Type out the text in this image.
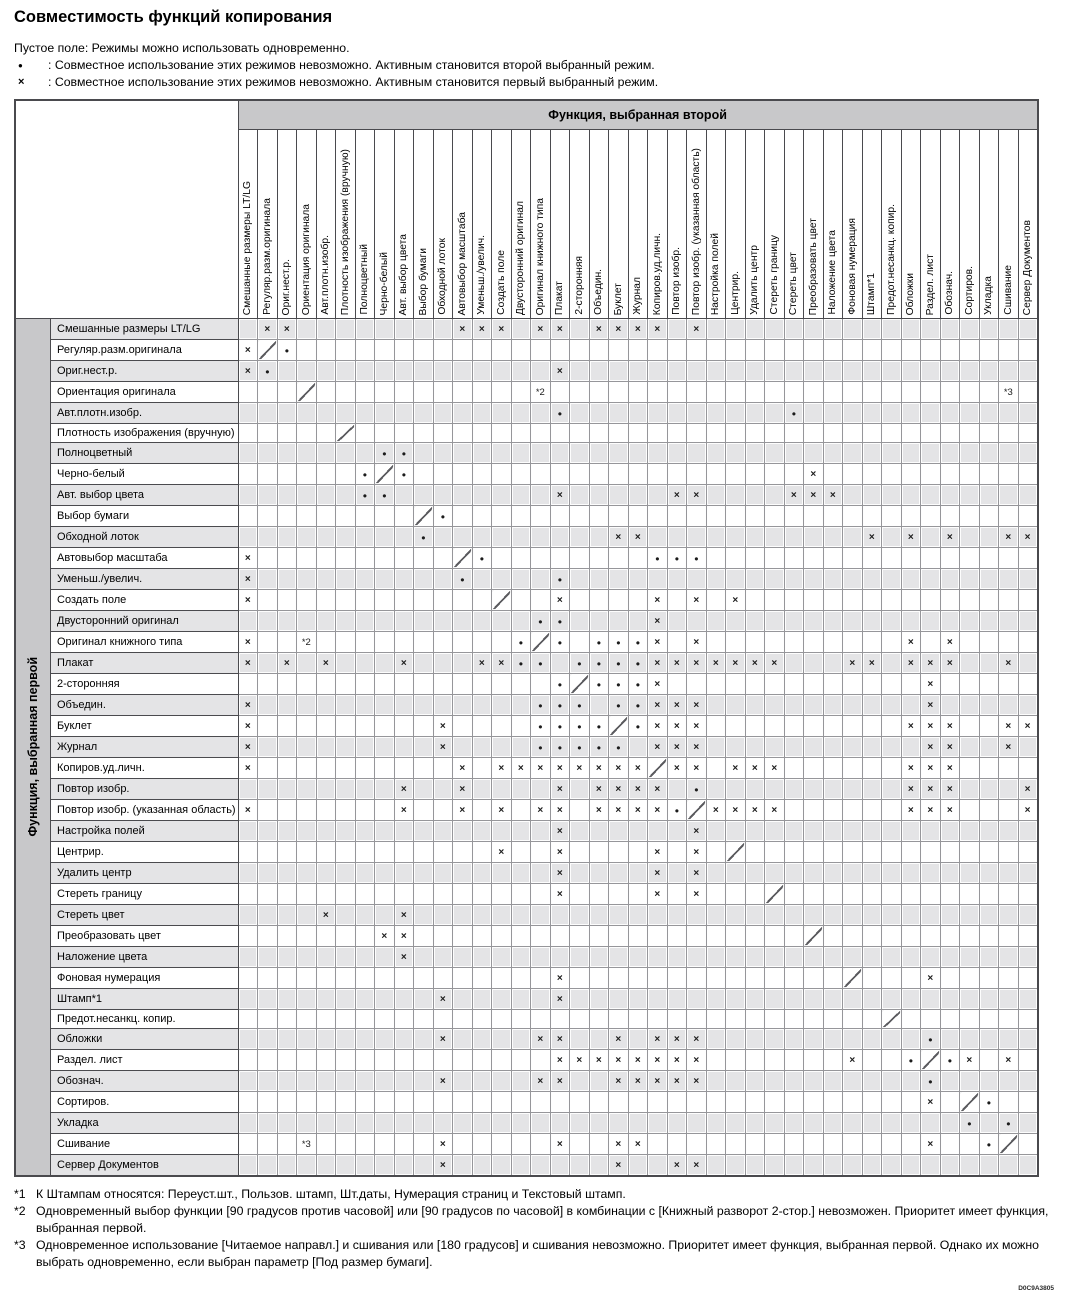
Совместимость функций копирования
Пустое поле: Режимы можно использовать одновременно.
●	: Совместное использование этих режимов невозможно. Активным становится второй выбранный режим.
×	: Совместное использование этих режимов невозможно. Активным становится первый выбранный режим.
		Функция, выбранная второй																																								

		Смешанные размеры LT/LG	Регуляр.разм.оригинала	Ориг.нест.р.	Ориентация оригинала	Авт.плотн.изобр.	Плотность изображения (вручную)	Полноцветный	Черно-белый	Авт. выбор цвета	Выбор бумаги	Обходной лоток	Автовыбор масштаба	Уменьш./увелич.	Создать поле	Двусторонний оригинал	Оригинал книжного типа	Плакат	2-сторонняя	Объедин.	Буклет	Журнал	Копиров.уд.личн.	Повтор изобр.	Повтор изобр. (указанная область)	Настройка полей	Центрир.	Удалить центр	Стереть границу	Стереть цвет	Преобразовать цвет	Наложение цвета	Фоновая нумерация	Штамп*1	Предот.несанкц. копир.	Обложки	Раздел. лист	Обознач.	Сортиров.	Укладка	Сшивание	Сервер Документов

Функция, выбранная первой	Смешанные размеры LT/LG		×	×									×	×	×		×	×		×	×	×	×		×																	
	Регуляр.разм.оригинала	×		●																																						
	Ориг.нест.р.	×	●															×																								
	Ориентация оригинала																*2																								*3	
	Авт.плотн.изобр.																	●												●												
	Плотность изображения (вручную)																																									
	Полноцветный								●	●																																
	Черно-белый							●		●																					×											
	Авт. выбор цвета							●	●									×						×	×					×	×	×										
	Выбор бумаги											●																														
	Обходной лоток										●										×	×												×		×		×			×	×
	Автовыбор масштаба	×												●									●	●	●																	
	Уменьш./увелич.	×											●					●																								
	Создать поле	×																×					×		×		×															
	Двусторонний оригинал																●	●					×																			
	Оригинал книжного типа	×			*2											●		●		●	●	●	×		×											×		×				
	Плакат	×		×		×				×				×	×	●	●		●	●	●	●	×	×	×	×	×	×	×				×	×		×	×	×			×	
	2-сторонняя																	●		●	●	●	×														×					
	Объедин.	×															●	●	●		●	●	×	×	×												×					
	Буклет	×										×					●	●	●	●		●	×	×	×											×	×	×			×	×
	Журнал	×										×					●	●	●	●	●		×	×	×												×	×			×	
	Копиров.уд.личн.	×											×		×	×	×	×	×	×	×	×		×	×		×	×	×							×	×	×				
	Повтор изобр.									×			×					×		×	×	×	×		●											×	×	×				×
	Повтор изобр. (указанная область)	×								×			×		×		×	×		×	×	×	×	●		×	×	×	×							×	×	×				×
	Настройка полей																	×							×																	
	Центрир.														×			×					×		×																	
	Удалить центр																	×					×		×																	
	Стереть границу																	×					×		×																	
	Стереть цвет					×				×																																
	Преобразовать цвет								×	×																																
	Наложение цвета									×																																
	Фоновая нумерация																	×																			×					
	Штамп*1											×						×																								
	Предот.несанкц. копир.																																									
	Обложки											×					×	×			×		×	×	×												●					
	Раздел. лист																	×	×	×	×	×	×	×	×								×			●		●	×		×	
	Обознач.											×					×	×			×	×	×	×	×												●					
	Сортиров.																																				×			●		
	Укладка																																						●		●	
	Сшивание				*3							×						×			×	×															×			●		
	Сервер Документов											×									×			×	×																	
*1 К Штампам относятся: Переуст.шт., Пользов. штамп, Шт.даты, Нумерация страниц и Текстовый штамп.
*2 Одновременный выбор функции [90 градусов против часовой] или [90 градусов по часовой] в комбинации с [Книжный разворот 2-стор.] невозможен. Приоритет имеет функция, выбранная первой.
*3 Одновременное использование [Читаемое направл.] и сшивания или [180 градусов] и сшивания невозможно. Приоритет имеет функция, выбранная первой. Однако их можно выбрать одновременно, если выбран параметр [Под размер бумаги].
D0C9A3805
